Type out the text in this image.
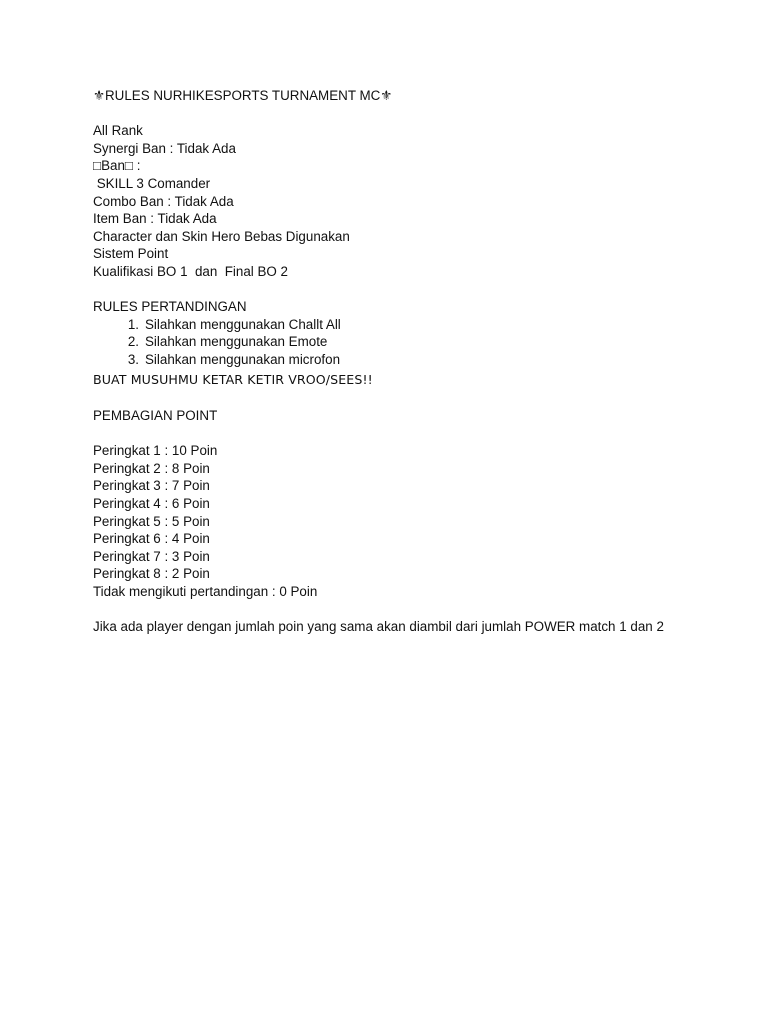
⚜RULES NURHIKESPORTS TURNAMENT MC⚜
All Rank
Synergi Ban : Tidak Ada
□Ban□ :
SKILL 3 Comander
Combo Ban : Tidak Ada
Item Ban : Tidak Ada
Character dan Skin Hero Bebas Digunakan
Sistem Point
Kualifikasi BO 1  dan  Final BO 2
RULES PERTANDINGAN
1. Silahkan menggunakan Challt All
2. Silahkan menggunakan Emote
3. Silahkan menggunakan microfon
BUAT MUSUHMU KETAR KETIR VROO/SEES!!
PEMBAGIAN POINT
Peringkat 1 : 10 Poin
Peringkat 2 : 8 Poin
Peringkat 3 : 7 Poin
Peringkat 4 : 6 Poin
Peringkat 5 : 5 Poin
Peringkat 6 : 4 Poin
Peringkat 7 : 3 Poin
Peringkat 8 : 2 Poin
Tidak mengikuti pertandingan : 0 Poin
Jika ada player dengan jumlah poin yang sama akan diambil dari jumlah POWER match 1 dan 2
